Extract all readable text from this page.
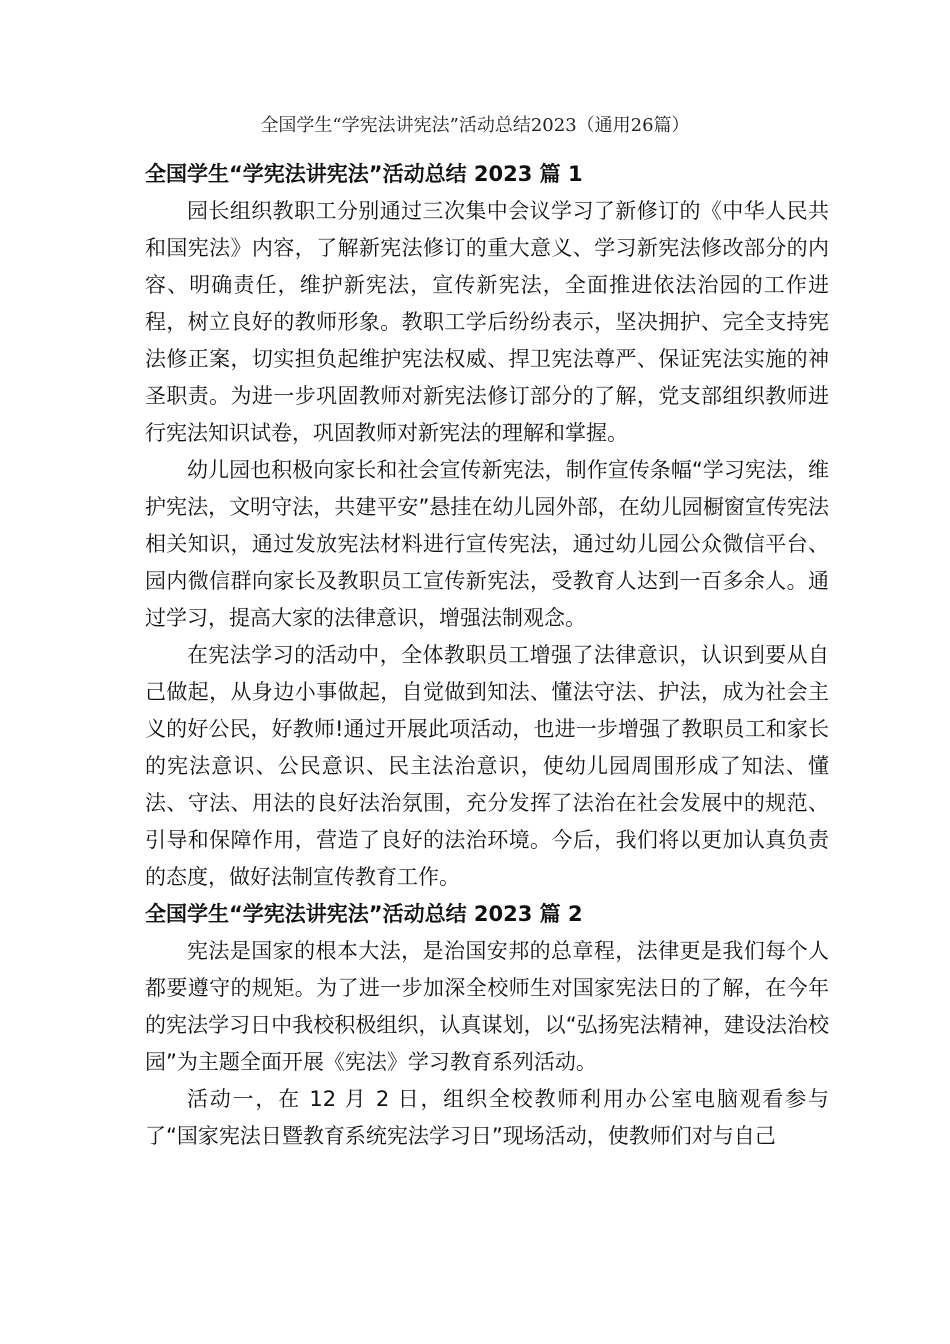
全国学生“学宪法讲宪法”活动总结2023（通用26篇）
全国学生“学宪法讲宪法”活动总结 2023 篇 1

园长组织教职工分别通过三次集中会议学习了新修订的《中华人民共和国宪法》内容，了解新宪法修订的重大意义、学习新宪法修改部分的内容、明确责任，维护新宪法，宣传新宪法，全面推进依法治园的工作进程，树立良好的教师形象。教职工学后纷纷表示，坚决拥护、完全支持宪法修正案，切实担负起维护宪法权威、捍卫宪法尊严、保证宪法实施的神圣职责。为进一步巩固教师对新宪法修订部分的了解，党支部组织教师进行宪法知识试卷，巩固教师对新宪法的理解和掌握。

幼儿园也积极向家长和社会宣传新宪法，制作宣传条幅“学习宪法，维护宪法，文明守法，共建平安”悬挂在幼儿园外部，在幼儿园橱窗宣传宪法相关知识，通过发放宪法材料进行宣传宪法，通过幼儿园公众微信平台、园内微信群向家长及教职员工宣传新宪法，受教育人达到一百多余人。通过学习，提高大家的法律意识，增强法制观念。

在宪法学习的活动中，全体教职员工增强了法律意识，认识到要从自己做起，从身边小事做起，自觉做到知法、懂法守法、护法，成为社会主义的好公民，好教师!通过开展此项活动，也进一步增强了教职员工和家长的宪法意识、公民意识、民主法治意识，使幼儿园周围形成了知法、懂法、守法、用法的良好法治氛围，充分发挥了法治在社会发展中的规范、引导和保障作用，营造了良好的法治环境。今后，我们将以更加认真负责的态度，做好法制宣传教育工作。

全国学生“学宪法讲宪法”活动总结 2023 篇 2

宪法是国家的根本大法，是治国安邦的总章程，法律更是我们每个人都要遵守的规矩。为了进一步加深全校师生对国家宪法日的了解，在今年的宪法学习日中我校积极组织，认真谋划，以“弘扬宪法精神，建设法治校园”为主题全面开展《宪法》学习教育系列活动。

活动一，在 12 月 2 日，组织全校教师利用办公室电脑观看参与了“国家宪法日暨教育系统宪法学习日”现场活动，使教师们对与自己
